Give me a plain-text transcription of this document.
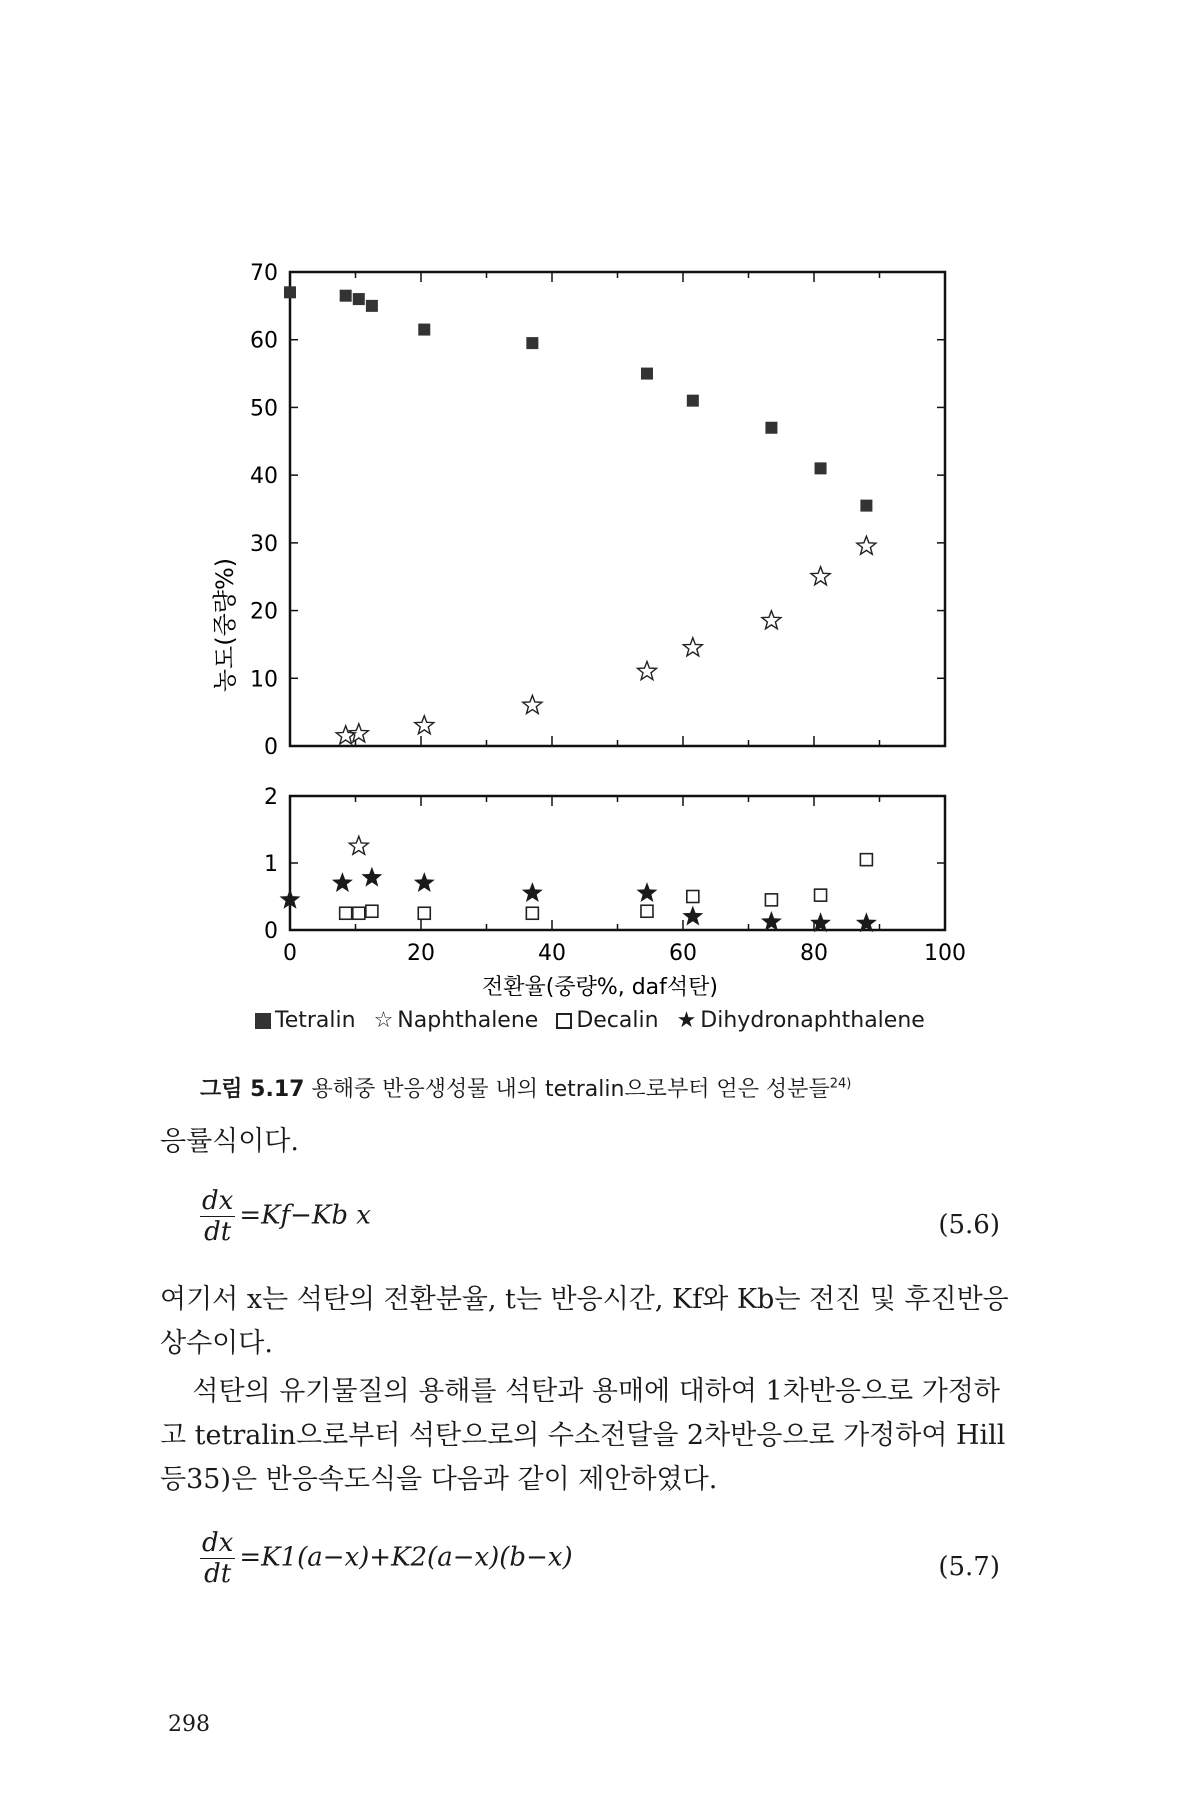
0
10
20
30
40
50
60
70
0	20	40	60	80	100
0
1
2
농도(중량%)
전환율(중량%, daf석탄)
Tetralin ☆ Naphthalene Decalin ★ Dihydronaphthalene
그림 5.17 용해중 반응생성물 내의 tetralin으로부터 얻은 성분들$^{24)}$
응률식이다.
$\frac{dx}{dt} =Kf-Kb$ x	(5.6)
여기서 x는 석탄의 전환분율, t는 반응시간, Kf와 Kb는 전진 및 후진반응 상수이다.
석탄의 유기물질의 용해를 석탄과 용매에 대하여 1차반응으로 가정하고 tetralin으로부터 석탄으로의 수소전달을 2차반응으로 가정하여 Hill 등35)은 반응속도식을 다음과 같이 제안하였다.
$\frac{dx}{dt} =K1(a-x)+K2(a-x)(b-x)$	(5.7)
298
